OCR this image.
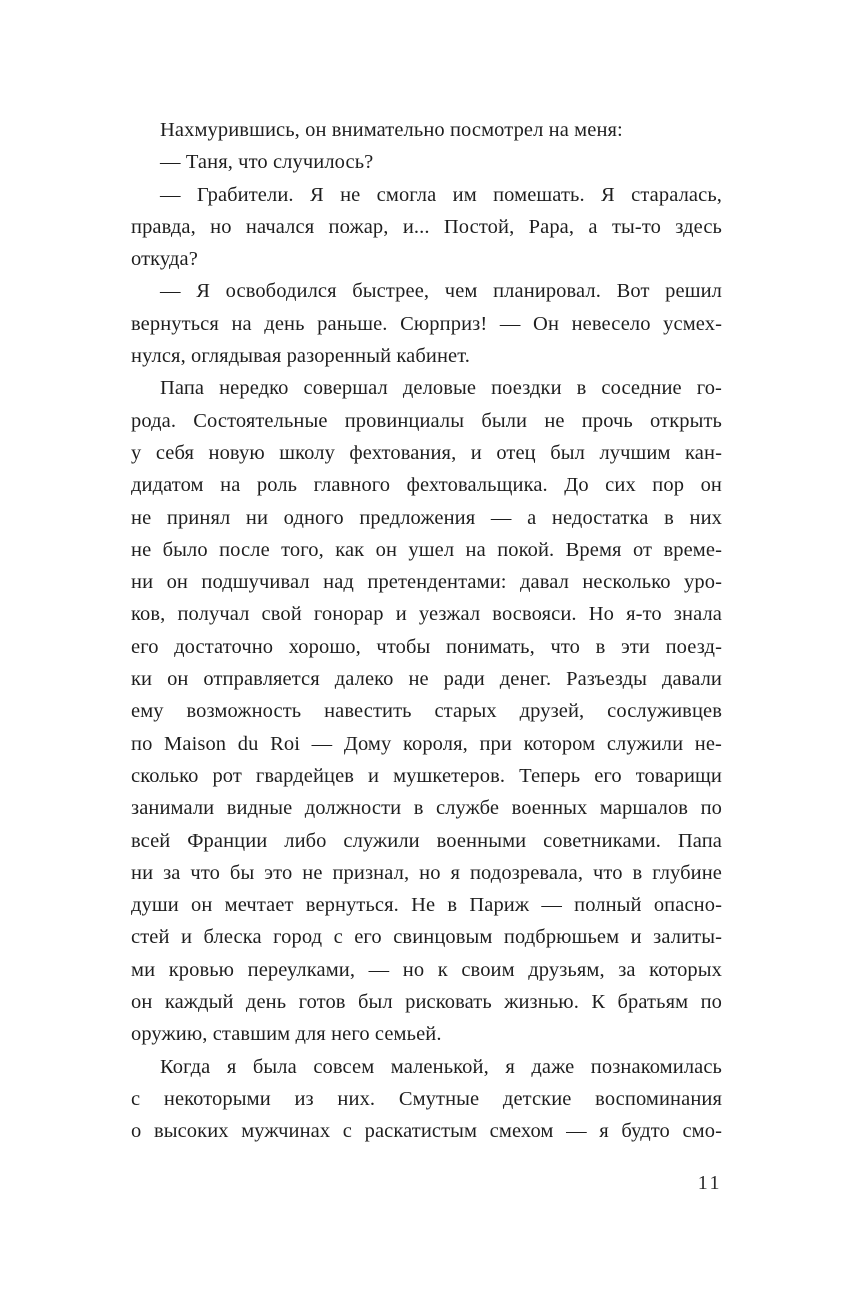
Нахмурившись, он внимательно посмотрел на меня:

— Таня, что случилось?

— Грабители. Я не смогла им помешать. Я старалась,
правда, но начался пожар, и... Постой, Papa, а ты-то здесь
откуда?

— Я освободился быстрее, чем планировал. Вот решил
вернуться на день раньше. Сюрприз! — Он невесело усмех-
нулся, оглядывая разоренный кабинет.

Папа нередко совершал деловые поездки в соседние го-
рода. Состоятельные провинциалы были не прочь открыть
у себя новую школу фехтования, и отец был лучшим кан-
дидатом на роль главного фехтовальщика. До сих пор он
не принял ни одного предложения — а недостатка в них
не было после того, как он ушел на покой. Время от време-
ни он подшучивал над претендентами: давал несколько уро-
ков, получал свой гонорар и уезжал восвояси. Но я-то знала
его достаточно хорошо, чтобы понимать, что в эти поезд-
ки он отправляется далеко не ради денег. Разъезды давали
ему возможность навестить старых друзей, сослуживцев
по Maison du Roi — Дому короля, при котором служили не-
сколько рот гвардейцев и мушкетеров. Теперь его товарищи
занимали видные должности в службе военных маршалов по
всей Франции либо служили военными советниками. Папа
ни за что бы это не признал, но я подозревала, что в глубине
души он мечтает вернуться. Не в Париж — полный опасно-
стей и блеска город с его свинцовым подбрюшьем и залиты-
ми кровью переулками, — но к своим друзьям, за которых
он каждый день готов был рисковать жизнью. К братьям по
оружию, ставшим для него семьей.

Когда я была совсем маленькой, я даже познакомилась
с некоторыми из них. Смутные детские воспоминания
о высоких мужчинах с раскатистым смехом — я будто смо-

11
